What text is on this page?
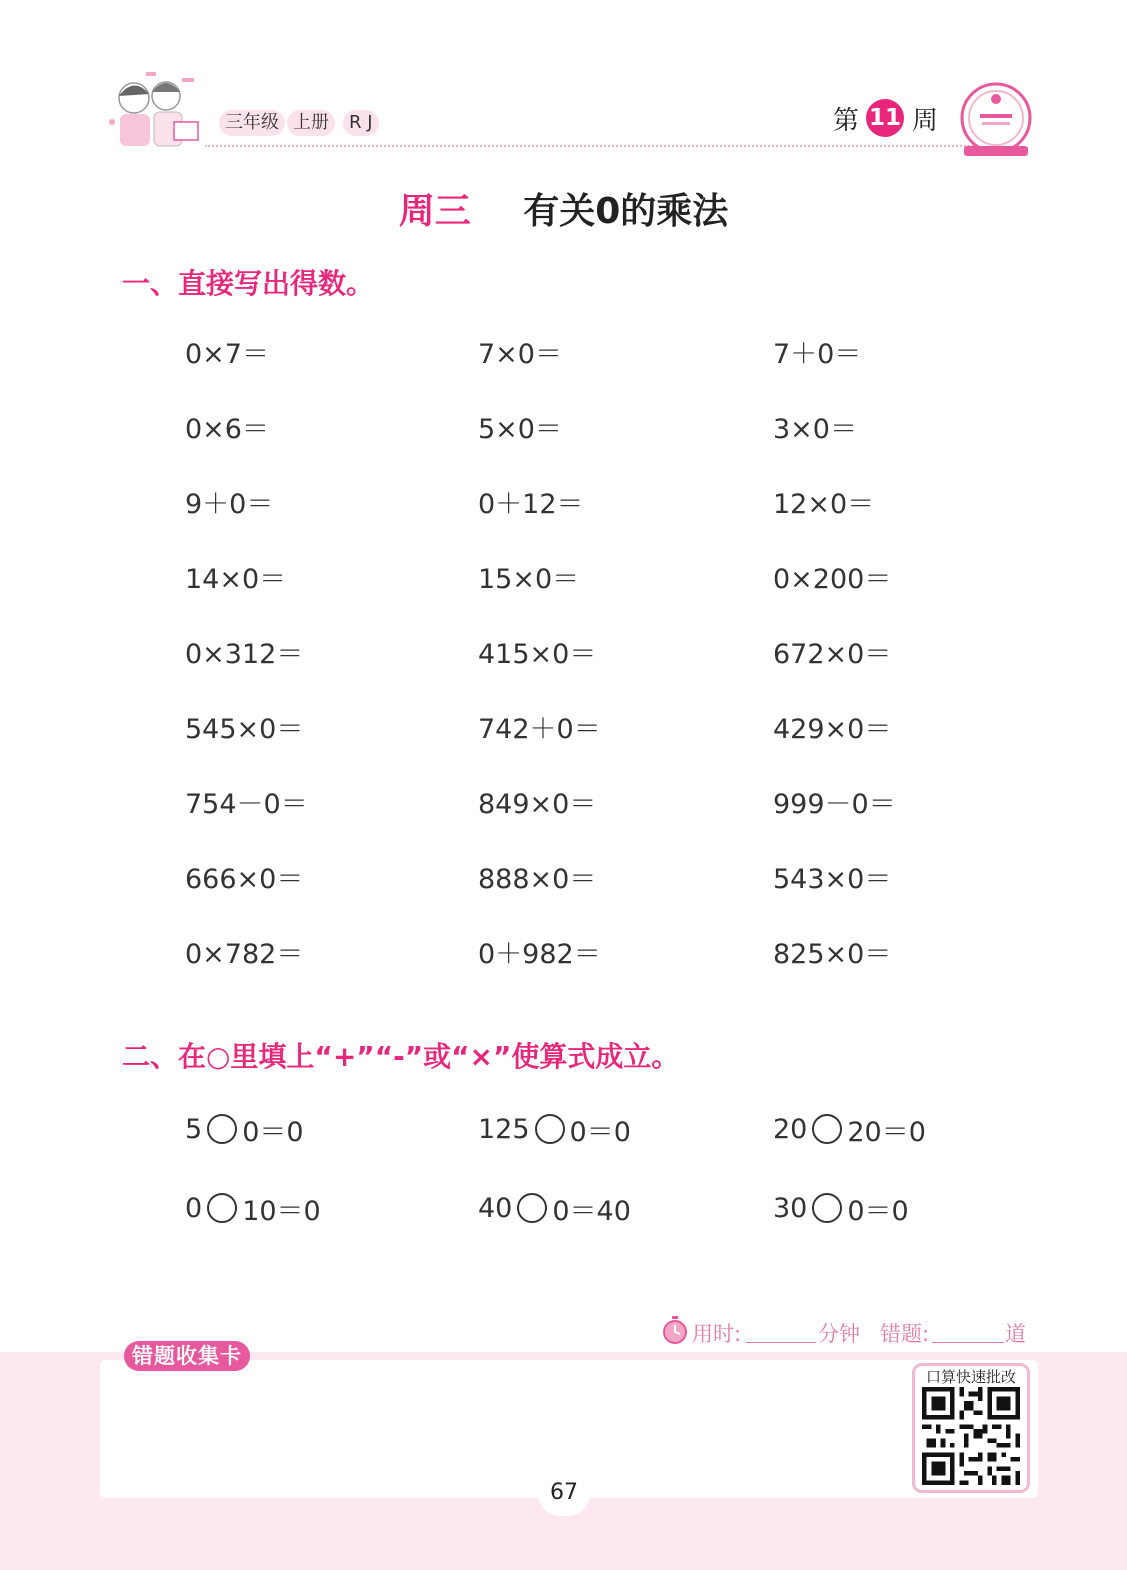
三年级 上册	R J	第 11 周
周三 有关0的乘法
一、直接写出得数。
0×7＝	7×0＝	7＋0＝
0×6＝	5×0＝	3×0＝
9＋0＝	0＋12＝	12×0＝
14×0＝	15×0＝	0×200＝
0×312＝	415×0＝	672×0＝
545×0＝	742＋0＝	429×0＝
754－0＝	849×0＝	999－0＝
666×0＝	888×0＝	543×0＝
0×782＝	0＋982＝	825×0＝
二、在○里填上“+”“-”或“×”使算式成立。
5 0＝0	125 0＝0	20 20＝0
0 10＝0	40 0＝40	30 0＝0
用时:	分钟 错题:	道
错题收集卡
口算快速批改
67
